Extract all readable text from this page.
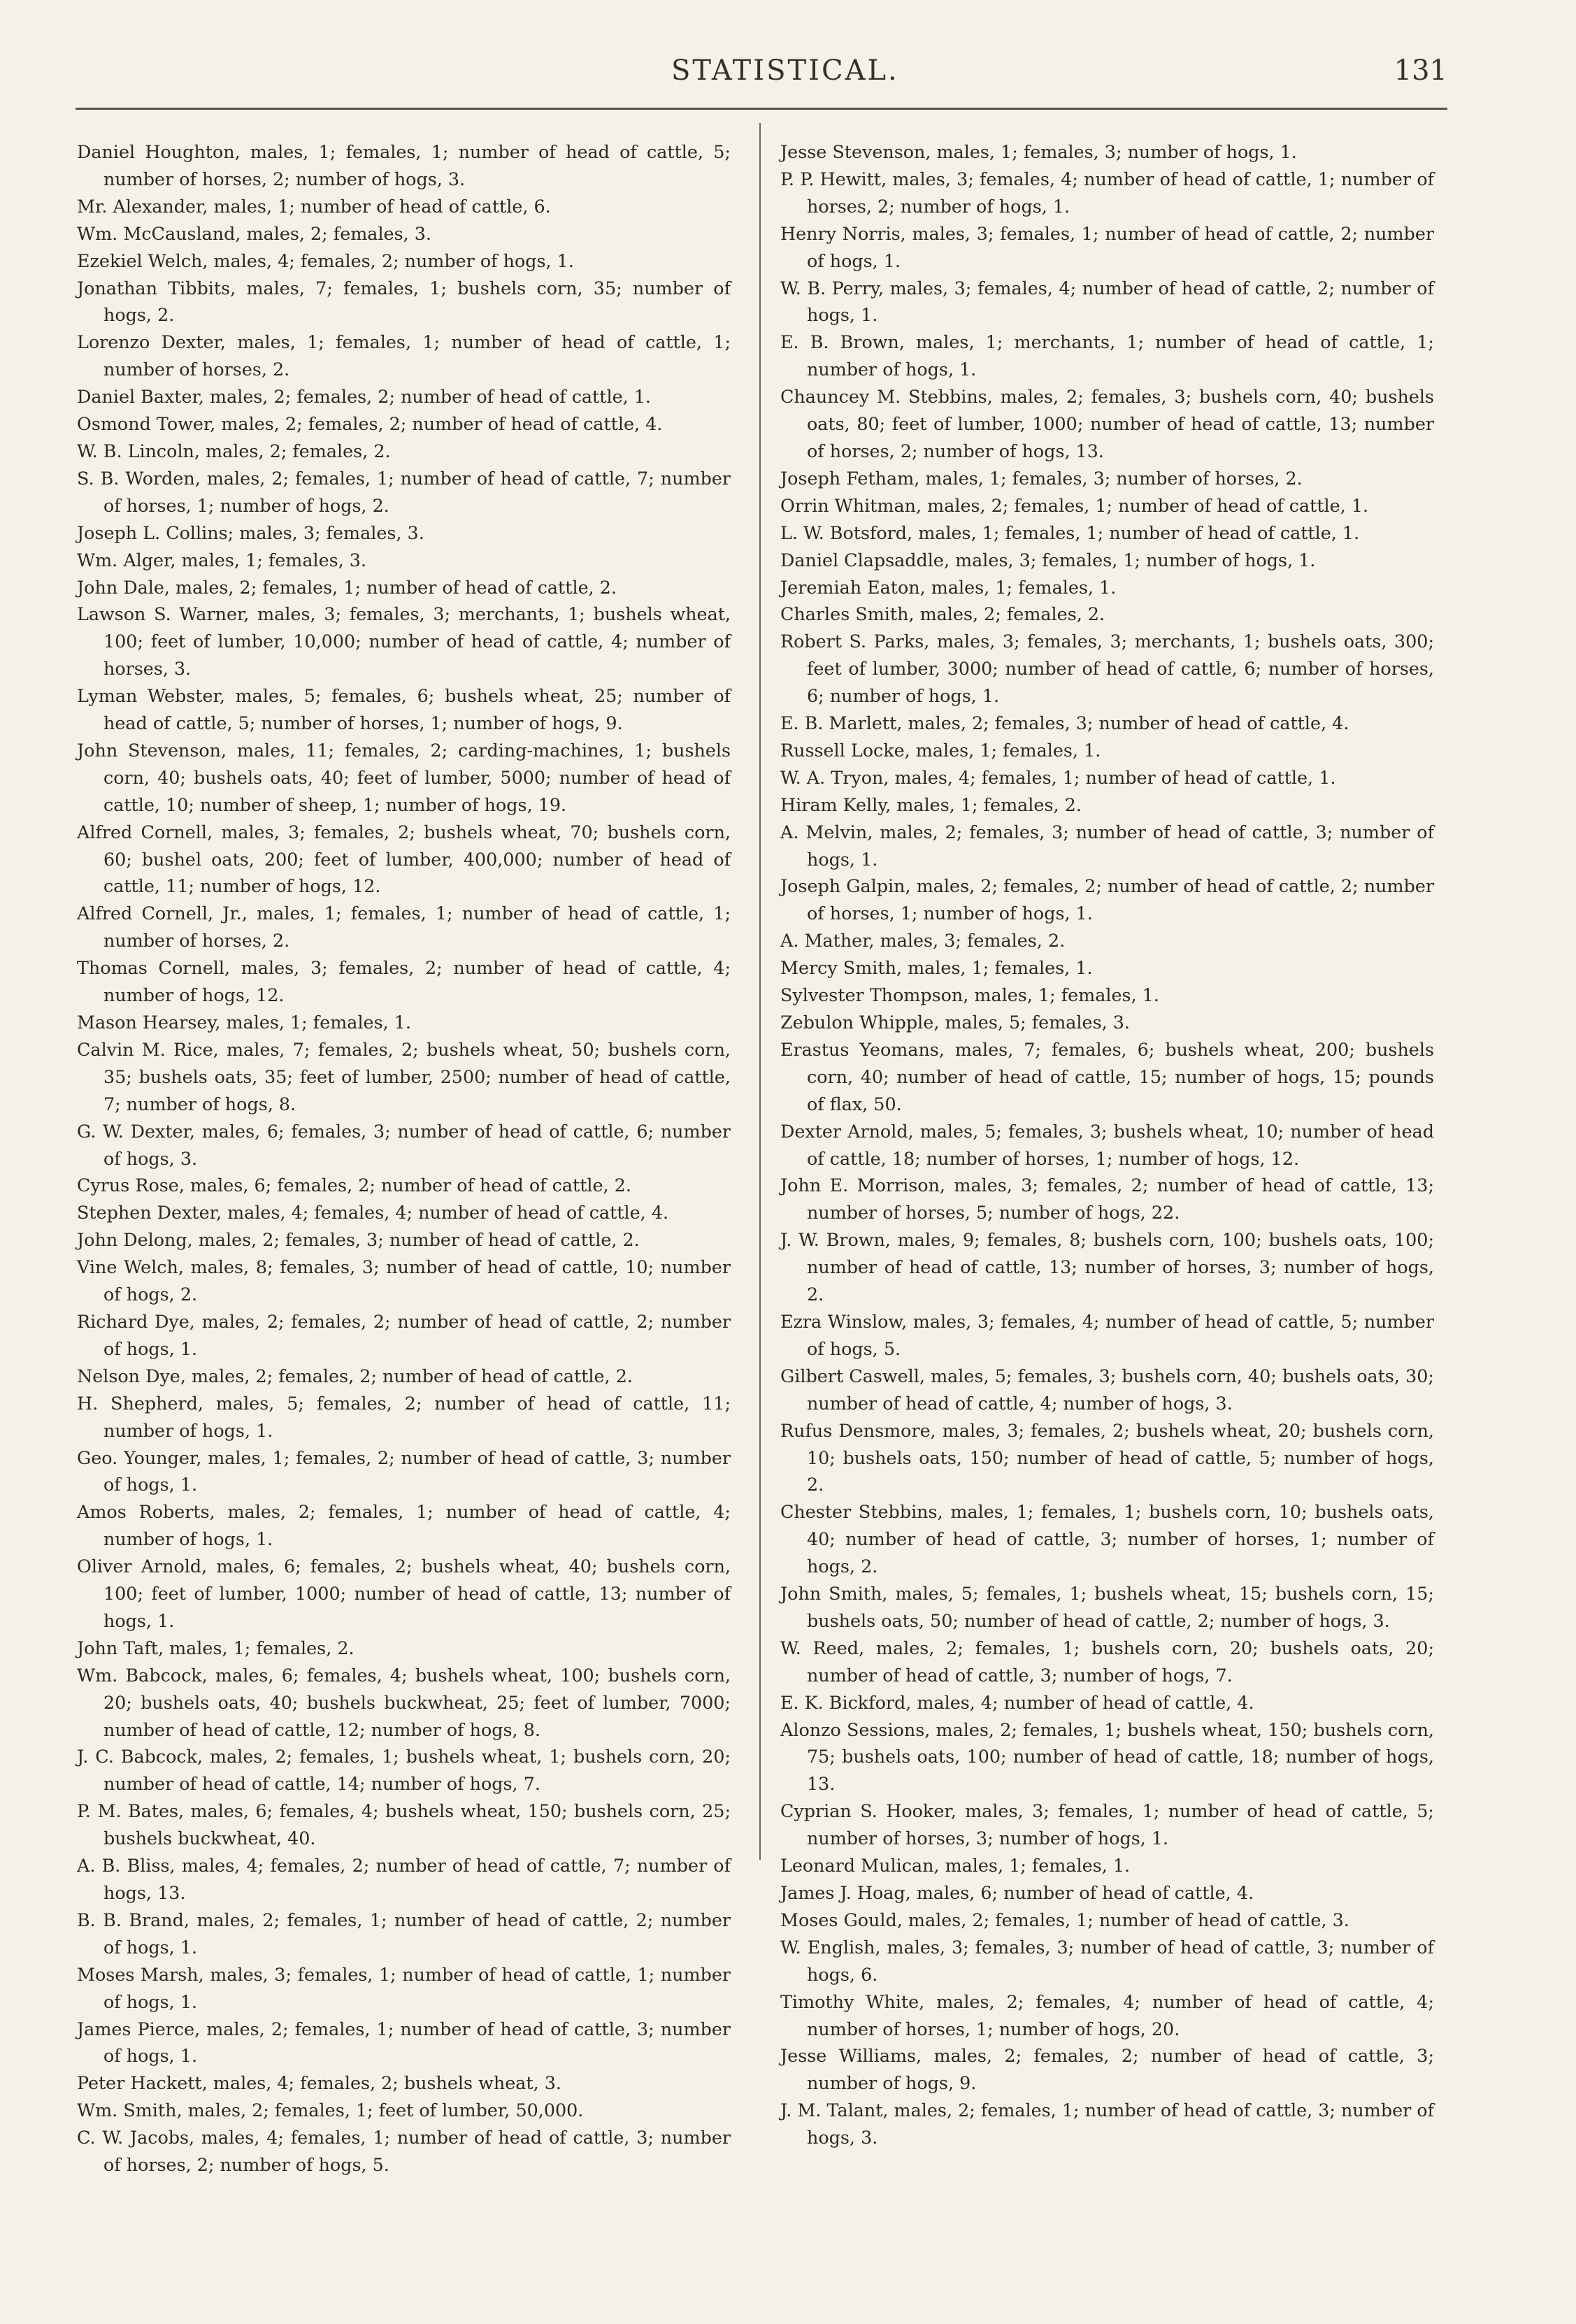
STATISTICAL.	131
Daniel Houghton, males, 1; females, 1; number of head of cattle, 5; number of horses, 2; number of hogs, 3.
Mr. Alexander, males, 1; number of head of cattle, 6.
Wm. McCausland, males, 2; females, 3.
Ezekiel Welch, males, 4; females, 2; number of hogs, 1.
Jonathan Tibbits, males, 7; females, 1; bushels corn, 35; number of hogs, 2.
Lorenzo Dexter, males, 1; females, 1; number of head of cattle, 1; number of horses, 2.
Daniel Baxter, males, 2; females, 2; number of head of cattle, 1.
Osmond Tower, males, 2; females, 2; number of head of cattle, 4.
W. B. Lincoln, males, 2; females, 2.
S. B. Worden, males, 2; females, 1; number of head of cattle, 7; number of horses, 1; number of hogs, 2.
Joseph L. Collins; males, 3; females, 3.
Wm. Alger, males, 1; females, 3.
John Dale, males, 2; females, 1; number of head of cattle, 2.
Lawson S. Warner, males, 3; females, 3; merchants, 1; bushels wheat, 100; feet of lumber, 10,000; number of head of cattle, 4; number of horses, 3.
Lyman Webster, males, 5; females, 6; bushels wheat, 25; number of head of cattle, 5; number of horses, 1; number of hogs, 9.
John Stevenson, males, 11; females, 2; carding-machines, 1; bushels corn, 40; bushels oats, 40; feet of lumber, 5000; number of head of cattle, 10; number of sheep, 1; number of hogs, 19.
Alfred Cornell, males, 3; females, 2; bushels wheat, 70; bushels corn, 60; bushel oats, 200; feet of lumber, 400,000; number of head of cattle, 11; number of hogs, 12.
Alfred Cornell, Jr., males, 1; females, 1; number of head of cattle, 1; number of horses, 2.
Thomas Cornell, males, 3; females, 2; number of head of cattle, 4; number of hogs, 12.
Mason Hearsey, males, 1; females, 1.
Calvin M. Rice, males, 7; females, 2; bushels wheat, 50; bushels corn, 35; bushels oats, 35; feet of lumber, 2500; number of head of cattle, 7; number of hogs, 8.
G. W. Dexter, males, 6; females, 3; number of head of cattle, 6; number of hogs, 3.
Cyrus Rose, males, 6; females, 2; number of head of cattle, 2.
Stephen Dexter, males, 4; females, 4; number of head of cattle, 4.
John Delong, males, 2; females, 3; number of head of cattle, 2.
Vine Welch, males, 8; females, 3; number of head of cattle, 10; number of hogs, 2.
Richard Dye, males, 2; females, 2; number of head of cattle, 2; number of hogs, 1.
Nelson Dye, males, 2; females, 2; number of head of cattle, 2.
H. Shepherd, males, 5; females, 2; number of head of cattle, 11; number of hogs, 1.
Geo. Younger, males, 1; females, 2; number of head of cattle, 3; number of hogs, 1.
Amos Roberts, males, 2; females, 1; number of head of cattle, 4; number of hogs, 1.
Oliver Arnold, males, 6; females, 2; bushels wheat, 40; bushels corn, 100; feet of lumber, 1000; number of head of cattle, 13; number of hogs, 1.
John Taft, males, 1; females, 2.
Wm. Babcock, males, 6; females, 4; bushels wheat, 100; bushels corn, 20; bushels oats, 40; bushels buckwheat, 25; feet of lumber, 7000; number of head of cattle, 12; number of hogs, 8.
J. C. Babcock, males, 2; females, 1; bushels wheat, 1; bushels corn, 20; number of head of cattle, 14; number of hogs, 7.
P. M. Bates, males, 6; females, 4; bushels wheat, 150; bushels corn, 25; bushels buckwheat, 40.
A. B. Bliss, males, 4; females, 2; number of head of cattle, 7; number of hogs, 13.
B. B. Brand, males, 2; females, 1; number of head of cattle, 2; number of hogs, 1.
Moses Marsh, males, 3; females, 1; number of head of cattle, 1; number of hogs, 1.
James Pierce, males, 2; females, 1; number of head of cattle, 3; number of hogs, 1.
Peter Hackett, males, 4; females, 2; bushels wheat, 3.
Wm. Smith, males, 2; females, 1; feet of lumber, 50,000.
C. W. Jacobs, males, 4; females, 1; number of head of cattle, 3; number of horses, 2; number of hogs, 5.
Jesse Stevenson, males, 1; females, 3; number of hogs, 1.
P. P. Hewitt, males, 3; females, 4; number of head of cattle, 1; number of horses, 2; number of hogs, 1.
Henry Norris, males, 3; females, 1; number of head of cattle, 2; number of hogs, 1.
W. B. Perry, males, 3; females, 4; number of head of cattle, 2; number of hogs, 1.
E. B. Brown, males, 1; merchants, 1; number of head of cattle, 1; number of hogs, 1.
Chauncey M. Stebbins, males, 2; females, 3; bushels corn, 40; bushels oats, 80; feet of lumber, 1000; number of head of cattle, 13; number of horses, 2; number of hogs, 13.
Joseph Fetham, males, 1; females, 3; number of horses, 2.
Orrin Whitman, males, 2; females, 1; number of head of cattle, 1.
L. W. Botsford, males, 1; females, 1; number of head of cattle, 1.
Daniel Clapsaddle, males, 3; females, 1; number of hogs, 1.
Jeremiah Eaton, males, 1; females, 1.
Charles Smith, males, 2; females, 2.
Robert S. Parks, males, 3; females, 3; merchants, 1; bushels oats, 300; feet of lumber, 3000; number of head of cattle, 6; number of horses, 6; number of hogs, 1.
E. B. Marlett, males, 2; females, 3; number of head of cattle, 4.
Russell Locke, males, 1; females, 1.
W. A. Tryon, males, 4; females, 1; number of head of cattle, 1.
Hiram Kelly, males, 1; females, 2.
A. Melvin, males, 2; females, 3; number of head of cattle, 3; number of hogs, 1.
Joseph Galpin, males, 2; females, 2; number of head of cattle, 2; number of horses, 1; number of hogs, 1.
A. Mather, males, 3; females, 2.
Mercy Smith, males, 1; females, 1.
Sylvester Thompson, males, 1; females, 1.
Zebulon Whipple, males, 5; females, 3.
Erastus Yeomans, males, 7; females, 6; bushels wheat, 200; bushels corn, 40; number of head of cattle, 15; number of hogs, 15; pounds of flax, 50.
Dexter Arnold, males, 5; females, 3; bushels wheat, 10; number of head of cattle, 18; number of horses, 1; number of hogs, 12.
John E. Morrison, males, 3; females, 2; number of head of cattle, 13; number of horses, 5; number of hogs, 22.
J. W. Brown, males, 9; females, 8; bushels corn, 100; bushels oats, 100; number of head of cattle, 13; number of horses, 3; number of hogs, 2.
Ezra Winslow, males, 3; females, 4; number of head of cattle, 5; number of hogs, 5.
Gilbert Caswell, males, 5; females, 3; bushels corn, 40; bushels oats, 30; number of head of cattle, 4; number of hogs, 3.
Rufus Densmore, males, 3; females, 2; bushels wheat, 20; bushels corn, 10; bushels oats, 150; number of head of cattle, 5; number of hogs, 2.
Chester Stebbins, males, 1; females, 1; bushels corn, 10; bushels oats, 40; number of head of cattle, 3; number of horses, 1; number of hogs, 2.
John Smith, males, 5; females, 1; bushels wheat, 15; bushels corn, 15; bushels oats, 50; number of head of cattle, 2; number of hogs, 3.
W. Reed, males, 2; females, 1; bushels corn, 20; bushels oats, 20; number of head of cattle, 3; number of hogs, 7.
E. K. Bickford, males, 4; number of head of cattle, 4.
Alonzo Sessions, males, 2; females, 1; bushels wheat, 150; bushels corn, 75; bushels oats, 100; number of head of cattle, 18; number of hogs, 13.
Cyprian S. Hooker, males, 3; females, 1; number of head of cattle, 5; number of horses, 3; number of hogs, 1.
Leonard Mulican, males, 1; females, 1.
James J. Hoag, males, 6; number of head of cattle, 4.
Moses Gould, males, 2; females, 1; number of head of cattle, 3.
W. English, males, 3; females, 3; number of head of cattle, 3; number of hogs, 6.
Timothy White, males, 2; females, 4; number of head of cattle, 4; number of horses, 1; number of hogs, 20.
Jesse Williams, males, 2; females, 2; number of head of cattle, 3; number of hogs, 9.
J. M. Talant, males, 2; females, 1; number of head of cattle, 3; number of hogs, 3.
